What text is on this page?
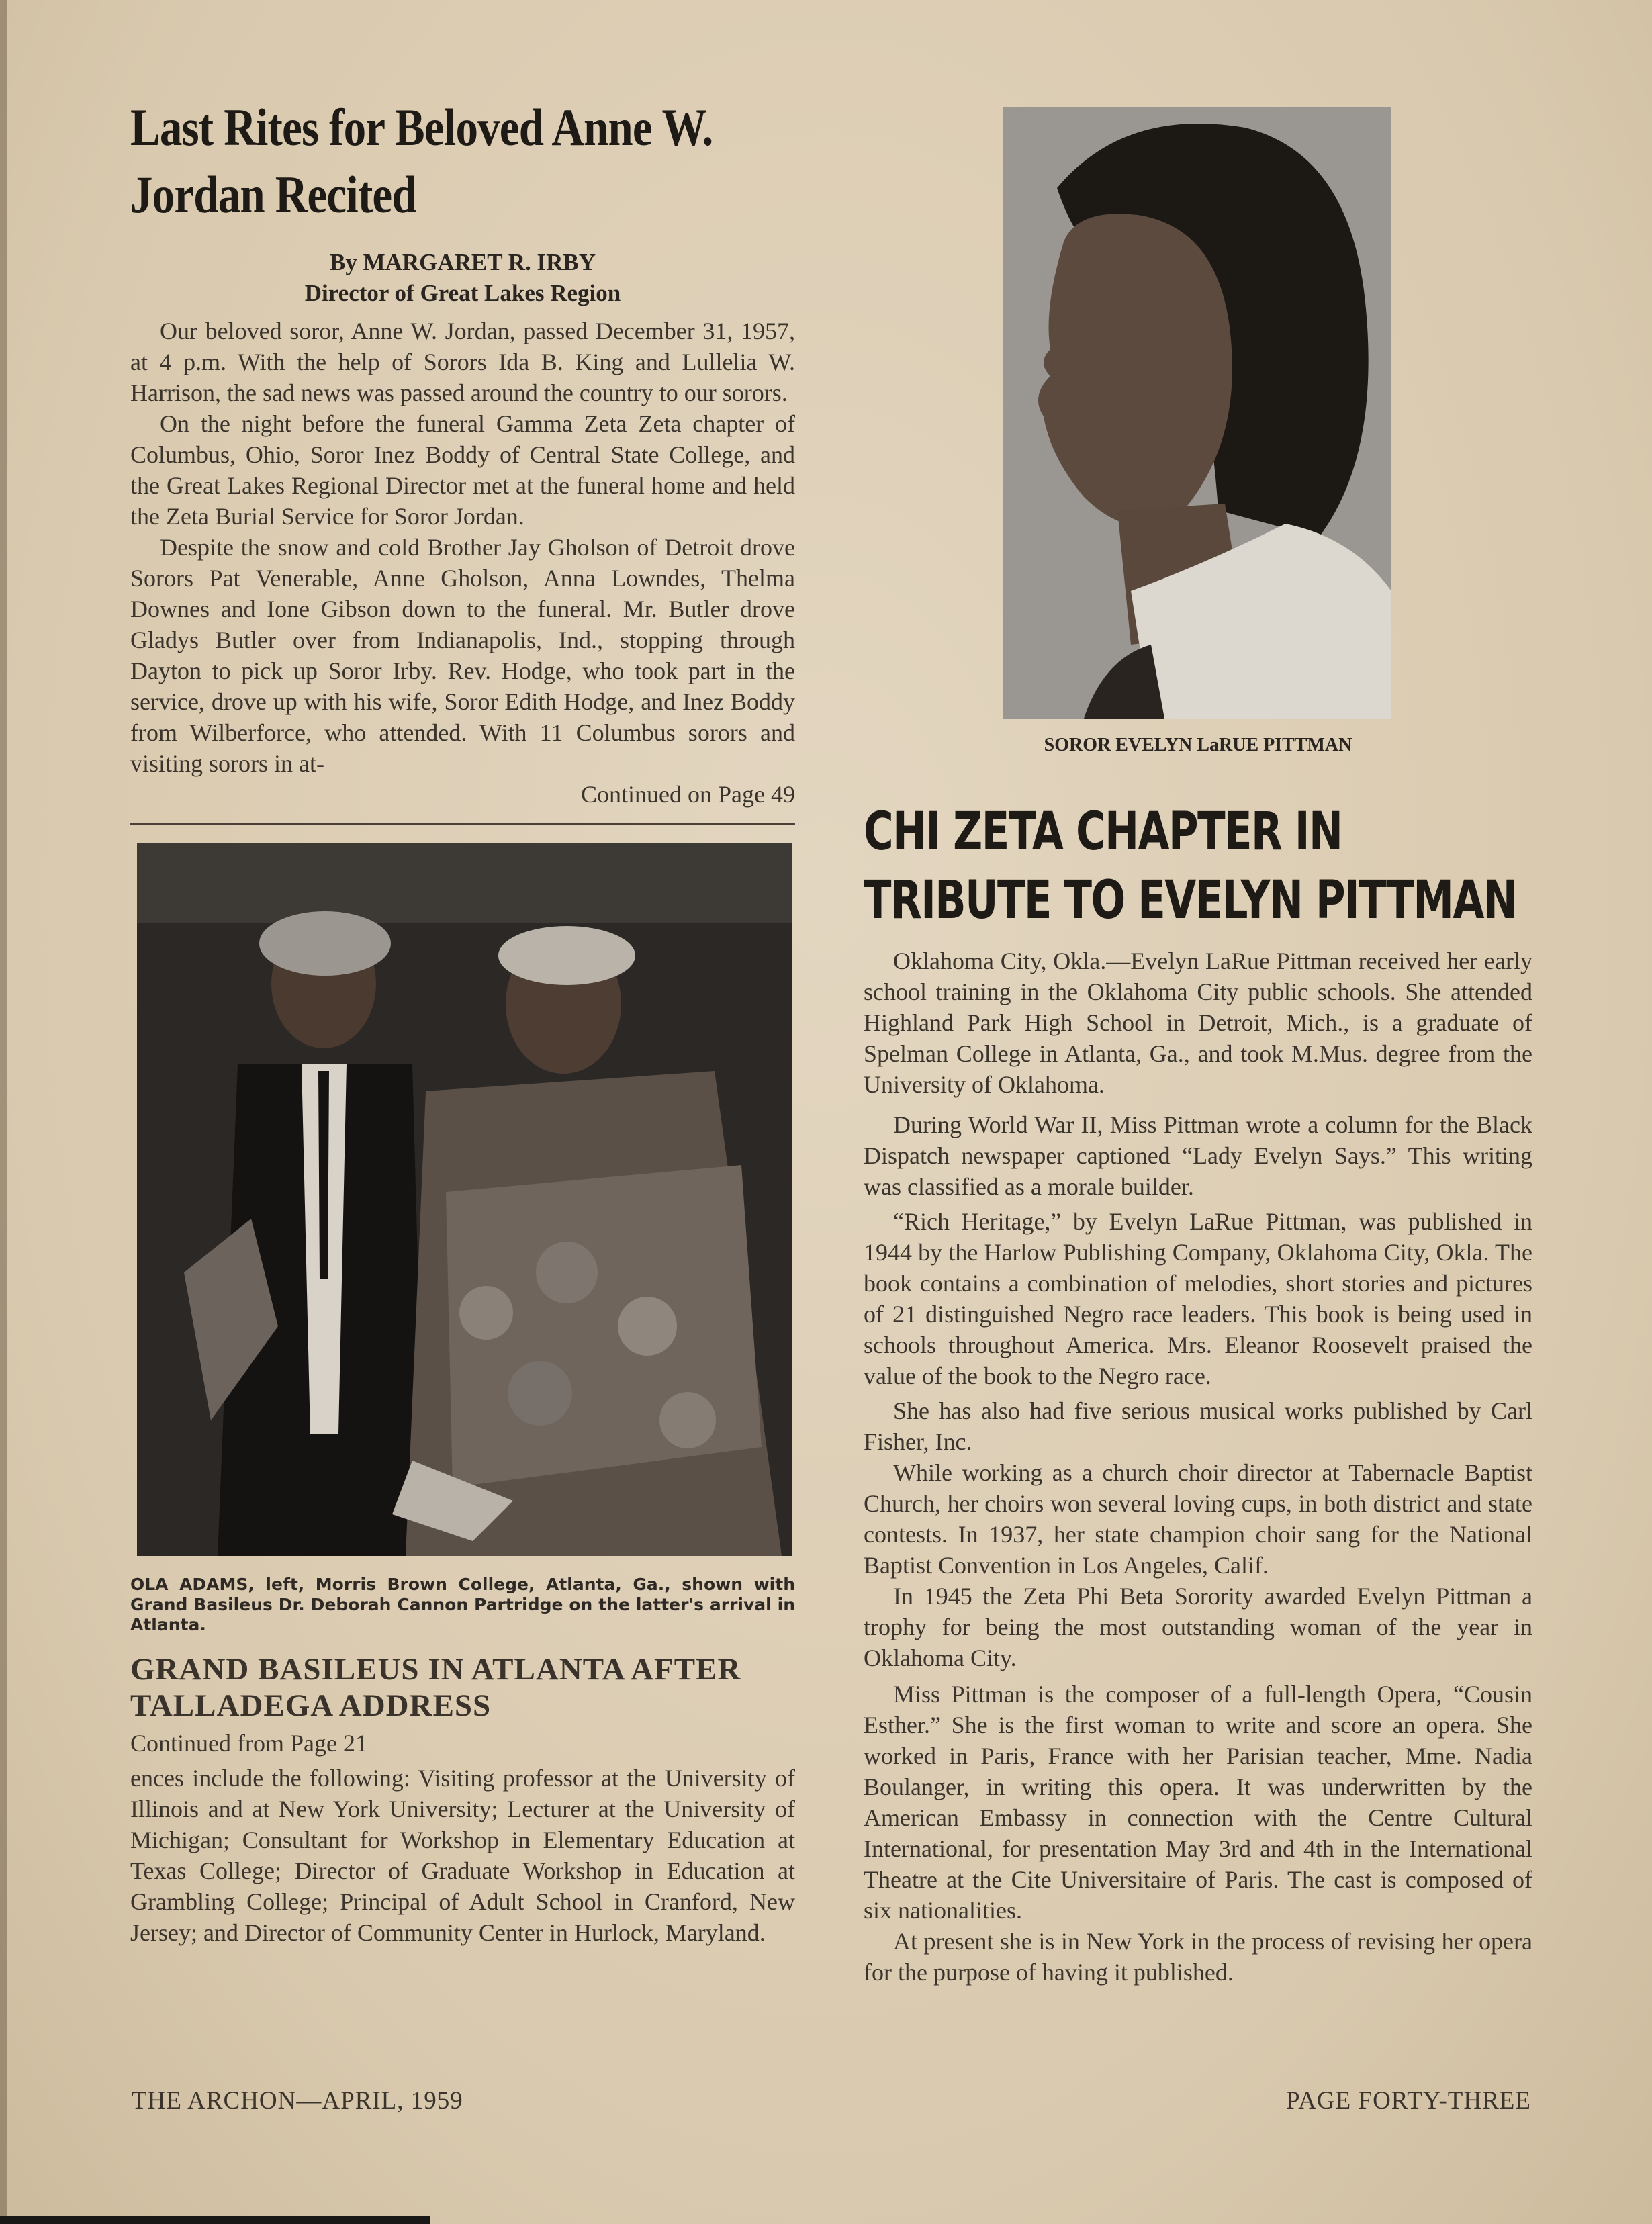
Last Rites for Beloved Anne W. Jordan Recited

By MARGARET R. IRBY

Director of Great Lakes Region

Our beloved soror, Anne W. Jordan, passed December 31, 1957, at 4 p.m. With the help of Sorors Ida B. King and Lullelia W. Harrison, the sad news was passed around the country to our sorors.

On the night before the funeral Gamma Zeta Zeta chapter of Columbus, Ohio, Soror Inez Boddy of Central State College, and the Great Lakes Regional Director met at the funeral home and held the Zeta Burial Service for Soror Jordan.

Despite the snow and cold Brother Jay Gholson of Detroit drove Sorors Pat Venerable, Anne Gholson, Anna Lowndes, Thelma Downes and Ione Gibson down to the funeral. Mr. Butler drove Gladys Butler over from Indianapolis, Ind., stopping through Dayton to pick up Soror Irby. Rev. Hodge, who took part in the service, drove up with his wife, Soror Edith Hodge, and Inez Boddy from Wilberforce, who attended. With 11 Columbus sorors and visiting sorors in at-

Continued on Page 49

OLA ADAMS, left, Morris Brown College, Atlanta, Ga., shown with Grand Basileus Dr. Deborah Cannon Partridge on the latter's arrival in Atlanta.

GRAND BASILEUS IN ATLANTA AFTER TALLADEGA ADDRESS

Continued from Page 21

ences include the following: Visiting professor at the University of Illinois and at New York University; Lecturer at the University of Michigan; Consultant for Workshop in Elementary Education at Texas College; Director of Graduate Workshop in Education at Grambling College; Principal of Adult School in Cranford, New Jersey; and Director of Community Center in Hurlock, Maryland.

SOROR EVELYN LaRUE PITTMAN
CHI ZETA CHAPTER IN TRIBUTE TO EVELYN PITTMAN

Oklahoma City, Okla.—Evelyn LaRue Pittman received her early school training in the Oklahoma City public schools. She attended Highland Park High School in Detroit, Mich., is a graduate of Spelman College in Atlanta, Ga., and took M.Mus. degree from the University of Oklahoma.

During World War II, Miss Pittman wrote a column for the Black Dispatch newspaper captioned “Lady Evelyn Says.” This writing was classified as a morale builder.

“Rich Heritage,” by Evelyn LaRue Pittman, was published in 1944 by the Harlow Publishing Company, Oklahoma City, Okla. The book contains a combination of melodies, short stories and pictures of 21 distinguished Negro race leaders. This book is being used in schools throughout America. Mrs. Eleanor Roosevelt praised the value of the book to the Negro race.

She has also had five serious musical works published by Carl Fisher, Inc.

While working as a church choir director at Tabernacle Baptist Church, her choirs won several loving cups, in both district and state contests. In 1937, her state champion choir sang for the National Baptist Convention in Los Angeles, Calif.

In 1945 the Zeta Phi Beta Sorority awarded Evelyn Pittman a trophy for being the most outstanding woman of the year in Oklahoma City.

Miss Pittman is the composer of a full-length Opera, “Cousin Esther.” She is the first woman to write and score an opera. She worked in Paris, France with her Parisian teacher, Mme. Nadia Boulanger, in writing this opera. It was underwritten by the American Embassy in connection with the Centre Cultural International, for presentation May 3rd and 4th in the International Theatre at the Cite Universitaire of Paris. The cast is composed of six nationalities.

At present she is in New York in the process of revising her opera for the purpose of having it published.

THE ARCHON—APRIL, 1959	PAGE FORTY-THREE
